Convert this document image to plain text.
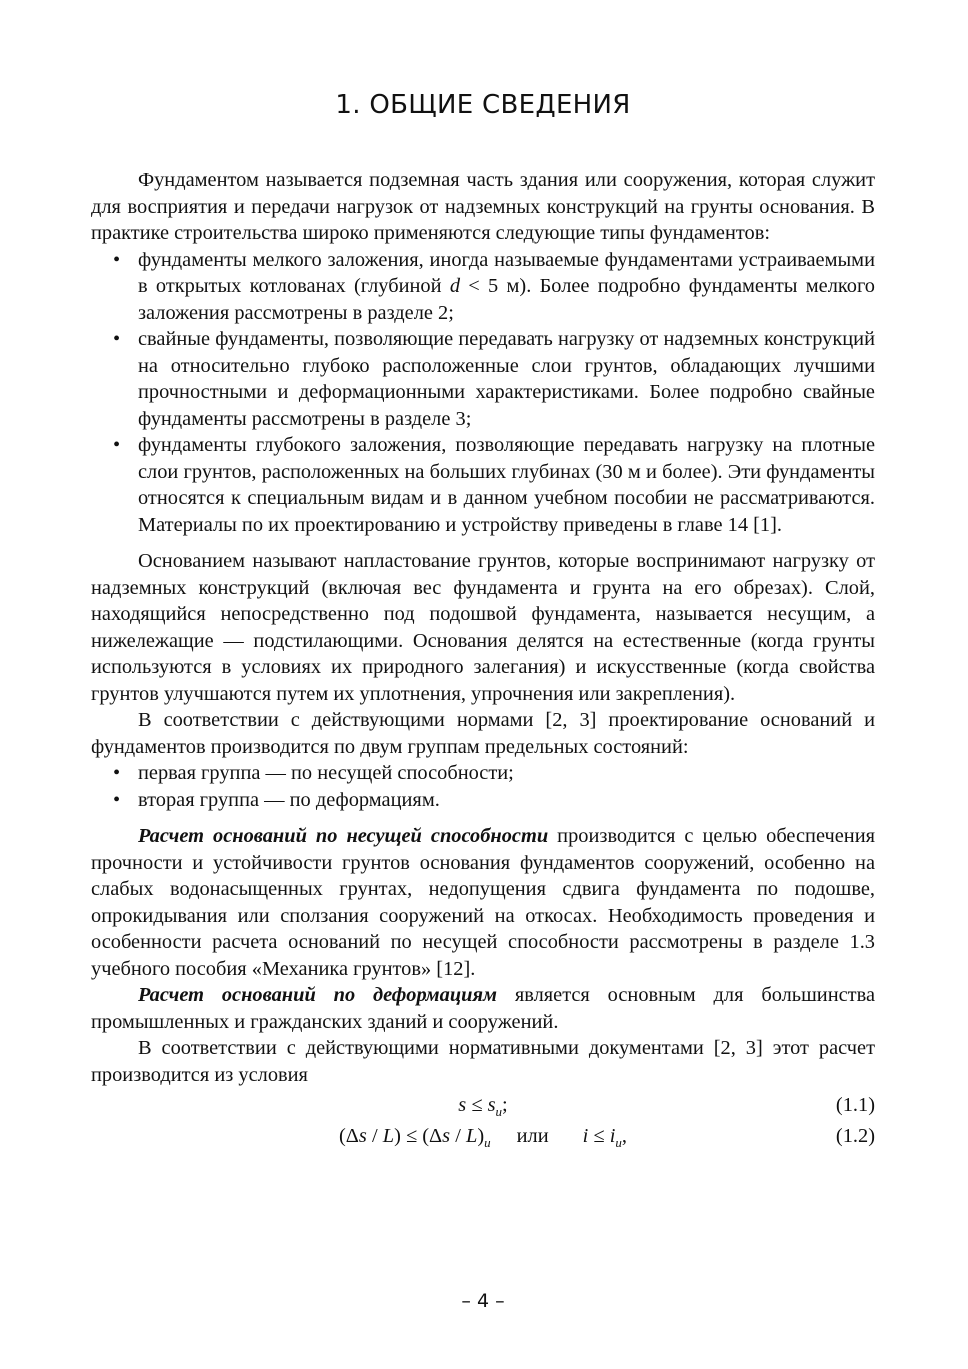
1. ОБЩИЕ СВЕДЕНИЯ

Фундаментом называется подземная часть здания или сооружения, которая служит для восприятия и передачи нагрузок от надземных конструкций на грунты основания. В практике строительства широко применяются следующие типы фундаментов:

• фундаменты мелкого заложения, иногда называемые фундаментами устраиваемыми в открытых котлованах (глубиной d < 5 м). Более подробно фундаменты мелкого заложения рассмотрены в разделе 2;
• свайные фундаменты, позволяющие передавать нагрузку от надземных конструкций на относительно глубоко расположенные слои грунтов, обладающих лучшими прочностными и деформационными характеристиками. Более подробно свайные фундаменты рассмотрены в разделе 3;
• фундаменты глубокого заложения, позволяющие передавать нагрузку на плотные слои грунтов, расположенных на больших глубинах (30 м и более). Эти фундаменты относятся к специальным видам и в данном учебном пособии не рассматриваются. Материалы по их проектированию и устройству приведены в главе 14 [1].

Основанием называют напластование грунтов, которые воспринимают нагрузку от надземных конструкций (включая вес фундамента и грунта на его обрезах). Слой, находящийся непосредственно под подошвой фундамента, называется несущим, а нижележащие — подстилающими. Основания делятся на естественные (когда грунты используются в условиях их природного залегания) и искусственные (когда свойства грунтов улучшаются путем их уплотнения, упрочнения или закрепления).

В соответствии с действующими нормами [2, 3] проектирование оснований и фундаментов производится по двум группам предельных состояний:

• первая группа — по несущей способности;
• вторая группа — по деформациям.

Расчет оснований по несущей способности производится с целью обеспечения прочности и устойчивости грунтов основания фундаментов сооружений, особенно на слабых водонасыщенных грунтах, недопущения сдвига фундамента по подошве, опрокидывания или сползания сооружений на откосах. Необходимость проведения и особенности расчета оснований по несущей способности рассмотрены в разделе 1.3 учебного пособия «Механика грунтов» [12].

Расчет оснований по деформациям является основным для большинства промышленных и гражданских зданий и сооружений.

В соответствии с действующими нормативными документами [2, 3] этот расчет производится из условия

$s \le s_u$;	(1.1)
$(\Delta s / L) \le (\Delta s / L)_u$ или $i \le i_u$,	(1.2)
– 4 –
